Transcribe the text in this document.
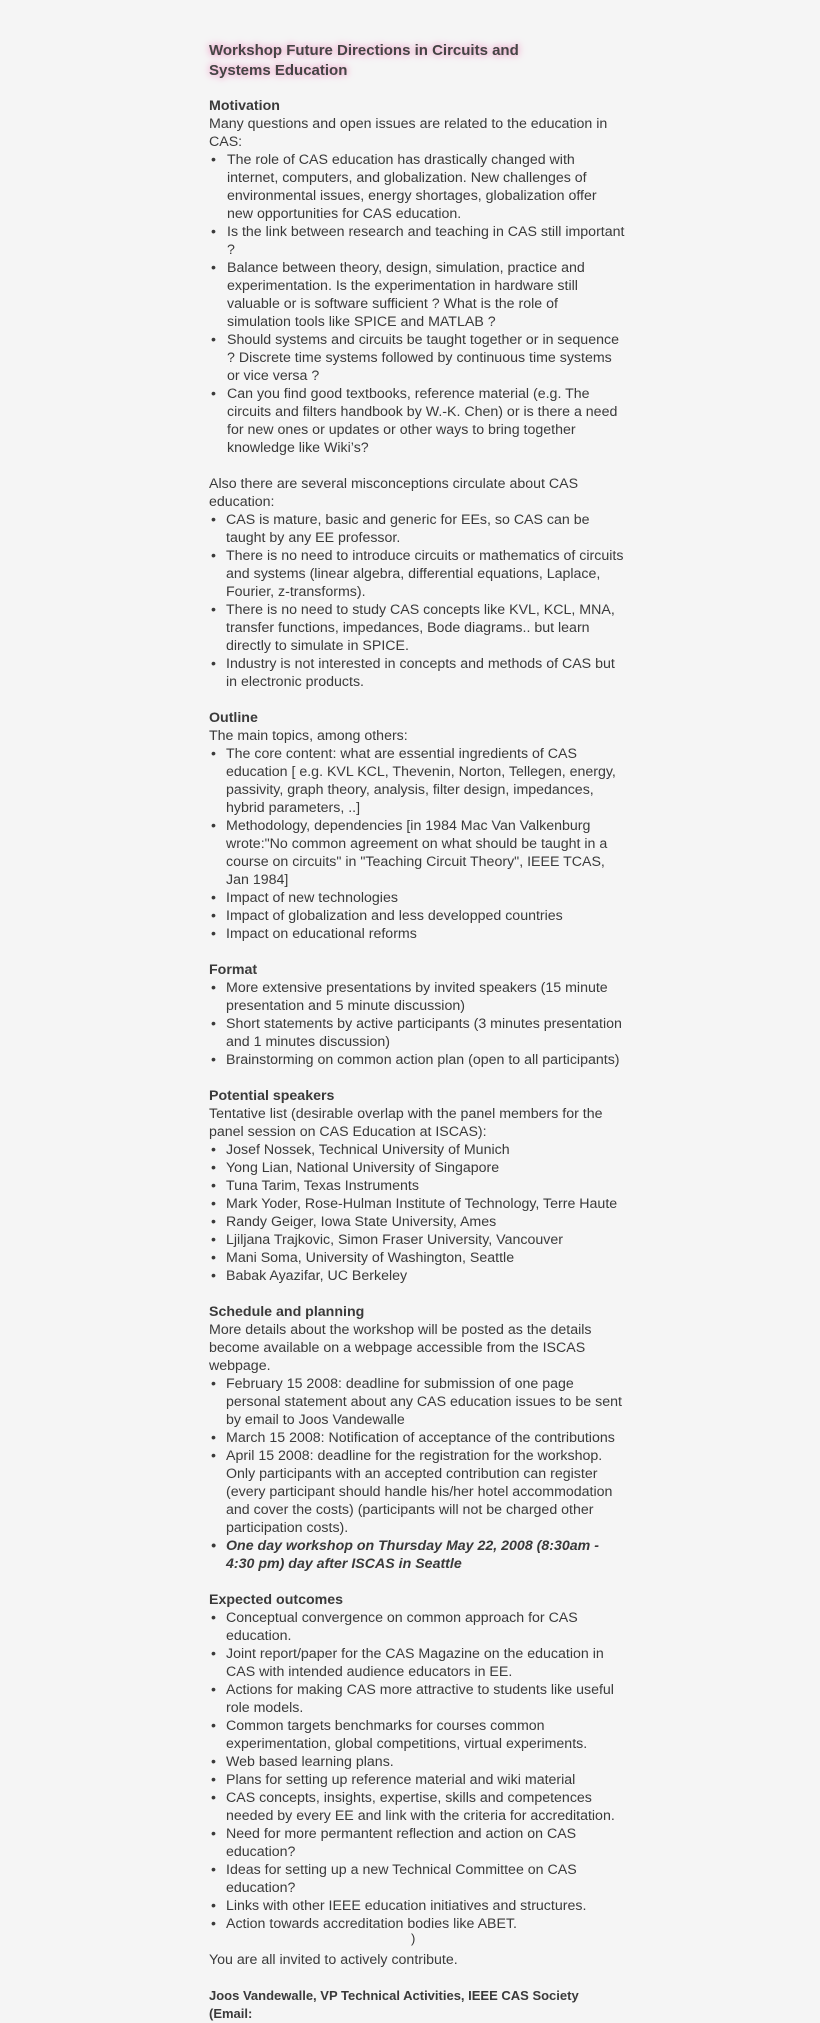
Workshop Future Directions in Circuits and Systems Education

Motivation

Many questions and open issues are related to the education in CAS:

• The role of CAS education has drastically changed with internet, computers, and globalization. New challenges of environmental issues, energy shortages, globalization offer new opportunities for CAS education.
• Is the link between research and teaching in CAS still important ?
• Balance between theory, design, simulation, practice and experimentation. Is the experimentation in hardware still valuable or is software sufficient ? What is the role of simulation tools like SPICE and MATLAB ?
• Should systems and circuits be taught together or in sequence ? Discrete time systems followed by continuous time systems or vice versa ?
• Can you find good textbooks, reference material (e.g. The circuits and filters handbook by W.-K. Chen) or is there a need for new ones or updates or other ways to bring together knowledge like Wiki’s?

Also there are several misconceptions circulate about CAS education:

• CAS is mature, basic and generic for EEs, so CAS can be taught by any EE professor.
• There is no need to introduce circuits or mathematics of circuits and systems (linear algebra, differential equations, Laplace, Fourier, z-transforms).
• There is no need to study CAS concepts like KVL, KCL, MNA, transfer functions, impedances, Bode diagrams.. but learn directly to simulate in SPICE.
• Industry is not interested in concepts and methods of CAS but in electronic products.

Outline

The main topics, among others:

• The core content: what are essential ingredients of CAS education [ e.g. KVL KCL, Thevenin, Norton, Tellegen, energy, passivity, graph theory, analysis, filter design, impedances, hybrid parameters, ..]
• Methodology, dependencies [in 1984 Mac Van Valkenburg wrote:"No common agreement on what should be taught in a course on circuits" in "Teaching Circuit Theory", IEEE TCAS, Jan 1984]
• Impact of new technologies
• Impact of globalization and less developped countries
• Impact on educational reforms

Format

• More extensive presentations by invited speakers (15 minute presentation and 5 minute discussion)
• Short statements by active participants (3 minutes presentation and 1 minutes discussion)
• Brainstorming on common action plan (open to all participants)

Potential speakers

Tentative list (desirable overlap with the panel members for the panel session on CAS Education at ISCAS):

• Josef Nossek, Technical University of Munich
• Yong Lian, National University of Singapore
• Tuna Tarim, Texas Instruments
• Mark Yoder, Rose-Hulman Institute of Technology, Terre Haute
• Randy Geiger, Iowa State University, Ames
• Ljiljana Trajkovic, Simon Fraser University, Vancouver
• Mani Soma, University of Washington, Seattle
• Babak Ayazifar, UC Berkeley

Schedule and planning

More details about the workshop will be posted as the details become available on a webpage accessible from the ISCAS webpage.

• February 15 2008: deadline for submission of one page personal statement about any CAS education issues to be sent by email to Joos Vandewalle
• March 15 2008: Notification of acceptance of the contributions
• April 15 2008: deadline for the registration for the workshop. Only participants with an accepted contribution can register (every participant should handle his/her hotel accommodation and cover the costs) (participants will not be charged other participation costs).
• One day workshop on Thursday May 22, 2008 (8:30am - 4:30 pm) day after ISCAS in Seattle

Expected outcomes

• Conceptual convergence on common approach for CAS education.
• Joint report/paper for the CAS Magazine on the education in CAS with intended audience educators in EE.
• Actions for making CAS more attractive to students like useful role models.
• Common targets benchmarks for courses common experimentation, global competitions, virtual experiments.
• Web based learning plans.
• Plans for setting up reference material and wiki material
• CAS concepts, insights, expertise, skills and competences needed by every EE and link with the criteria for accreditation.
• Need for more permantent reflection and action on CAS education?
• Ideas for setting up a new Technical Committee on CAS education?
• Links with other IEEE education initiatives and structures.
• Action towards accreditation bodies like ABET.

You are all invited to actively contribute.

Joos Vandewalle, VP Technical Activities, IEEE CAS Society (Email:

)
